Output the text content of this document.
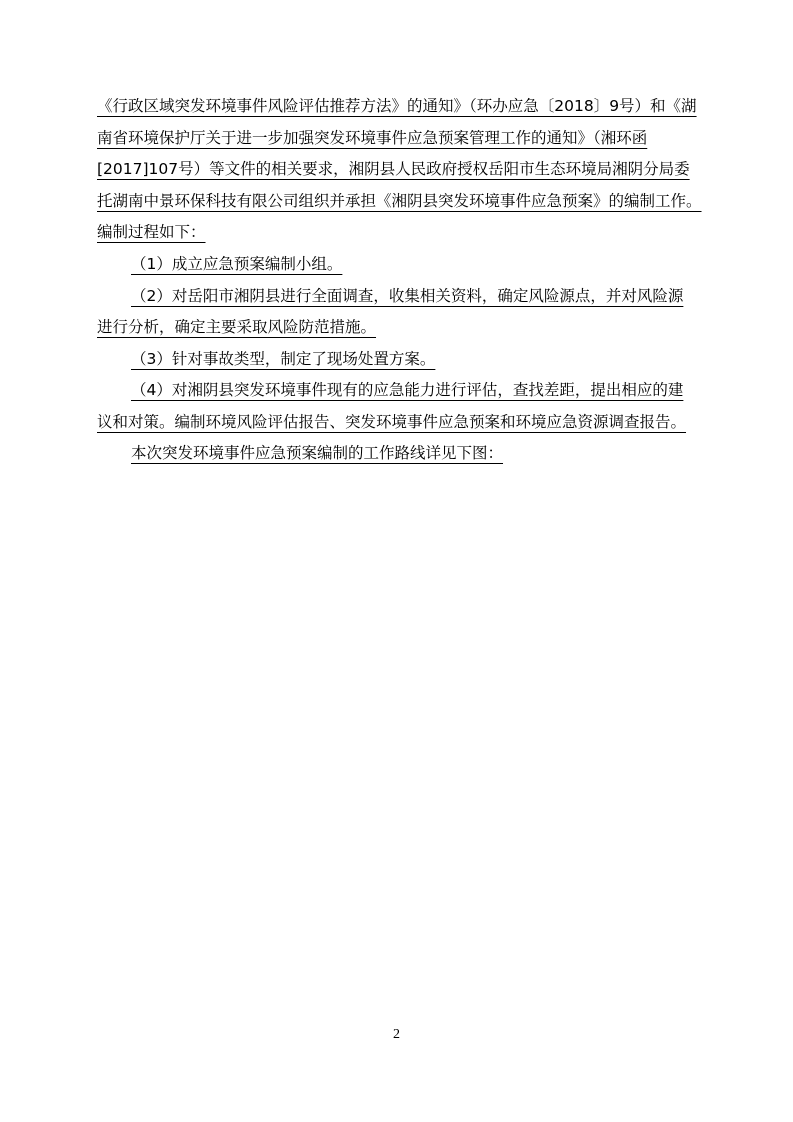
《行政区域突发环境事件风险评估推荐方法》的通知》（环办应急〔2018〕9号）和《湖
南省环境保护厅关于进一步加强突发环境事件应急预案管理工作的通知》（湘环函
[2017]107号）等文件的相关要求，湘阴县人民政府授权岳阳市生态环境局湘阴分局委
托湖南中景环保科技有限公司组织并承担《湘阴县突发环境事件应急预案》的编制工作。
编制过程如下：
（1）成立应急预案编制小组。
（2）对岳阳市湘阴县进行全面调查，收集相关资料，确定风险源点，并对风险源
进行分析，确定主要采取风险防范措施。
（3）针对事故类型，制定了现场处置方案。
（4）对湘阴县突发环境事件现有的应急能力进行评估，查找差距，提出相应的建
议和对策。编制环境风险评估报告、突发环境事件应急预案和环境应急资源调查报告。
本次突发环境事件应急预案编制的工作路线详见下图：
2
